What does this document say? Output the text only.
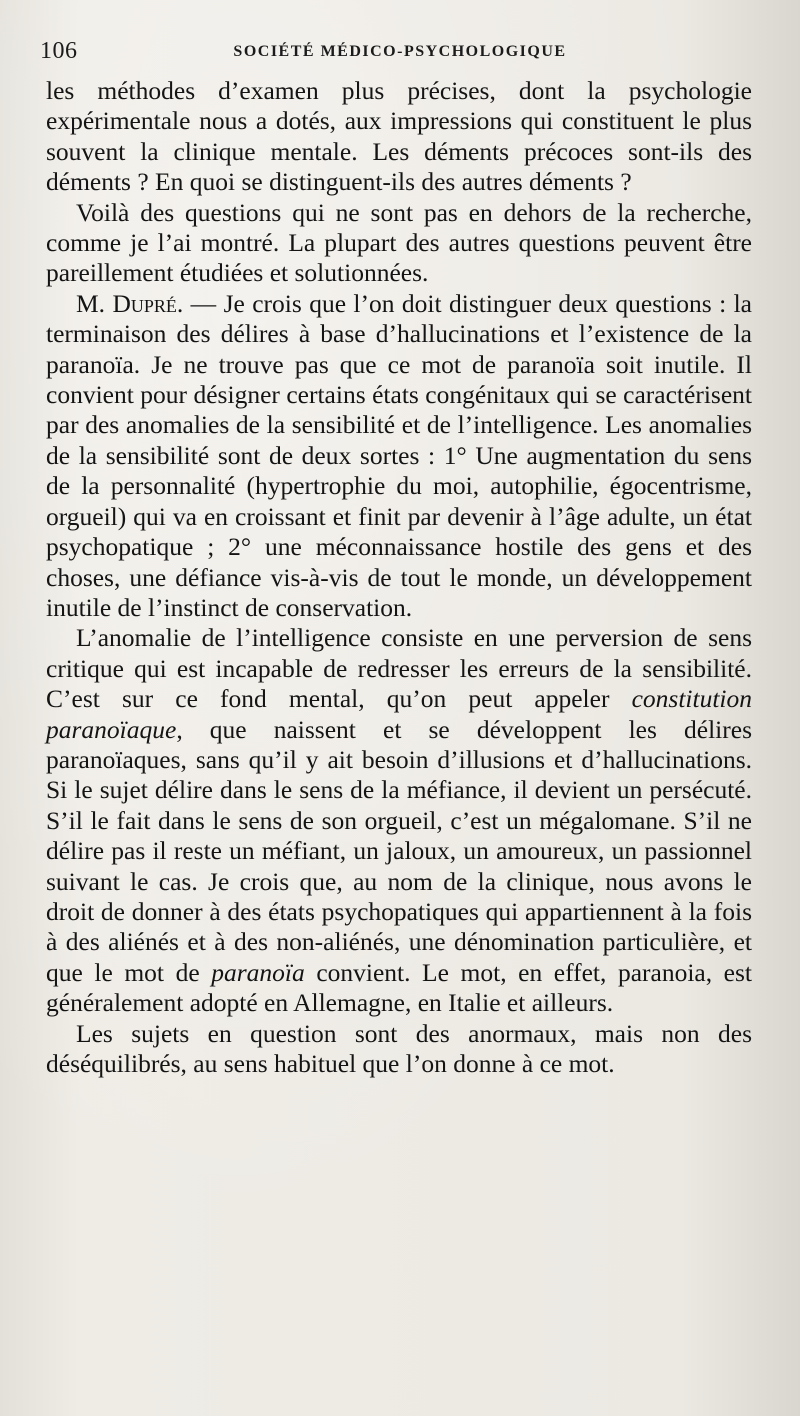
106	SOCIÉTÉ MÉDICO-PSYCHOLOGIQUE

les méthodes d’examen plus précises, dont la psychologie expérimentale nous a dotés, aux impressions qui constituent le plus souvent la clinique mentale. Les déments précoces sont-ils des déments ? En quoi se distinguent-ils des autres déments ?

Voilà des questions qui ne sont pas en dehors de la recherche, comme je l’ai montré. La plupart des autres questions peuvent être pareillement étudiées et solutionnées.

M. Dupré. — Je crois que l’on doit distinguer deux questions : la terminaison des délires à base d’hallucinations et l’existence de la paranoïa. Je ne trouve pas que ce mot de paranoïa soit inutile. Il convient pour désigner certains états congénitaux qui se caractérisent par des anomalies de la sensibilité et de l’intelligence. Les anomalies de la sensibilité sont de deux sortes : 1° Une augmentation du sens de la personnalité (hypertrophie du moi, autophilie, égocentrisme, orgueil) qui va en croissant et finit par devenir à l’âge adulte, un état psychopatique ; 2° une méconnaissance hostile des gens et des choses, une défiance vis-à-vis de tout le monde, un développement inutile de l’instinct de conservation.

L’anomalie de l’intelligence consiste en une perversion de sens critique qui est incapable de redresser les erreurs de la sensibilité. C’est sur ce fond mental, qu’on peut appeler constitution paranoïaque, que naissent et se développent les délires paranoïaques, sans qu’il y ait besoin d’illusions et d’hallucinations. Si le sujet délire dans le sens de la méfiance, il devient un persécuté. S’il le fait dans le sens de son orgueil, c’est un mégalomane. S’il ne délire pas il reste un méfiant, un jaloux, un amoureux, un passionnel suivant le cas. Je crois que, au nom de la clinique, nous avons le droit de donner à des états psychopatiques qui appartiennent à la fois à des aliénés et à des non-aliénés, une dénomination particulière, et que le mot de paranoïa convient. Le mot, en effet, paranoia, est généralement adopté en Allemagne, en Italie et ailleurs.

Les sujets en question sont des anormaux, mais non des déséquilibrés, au sens habituel que l’on donne à ce mot.
